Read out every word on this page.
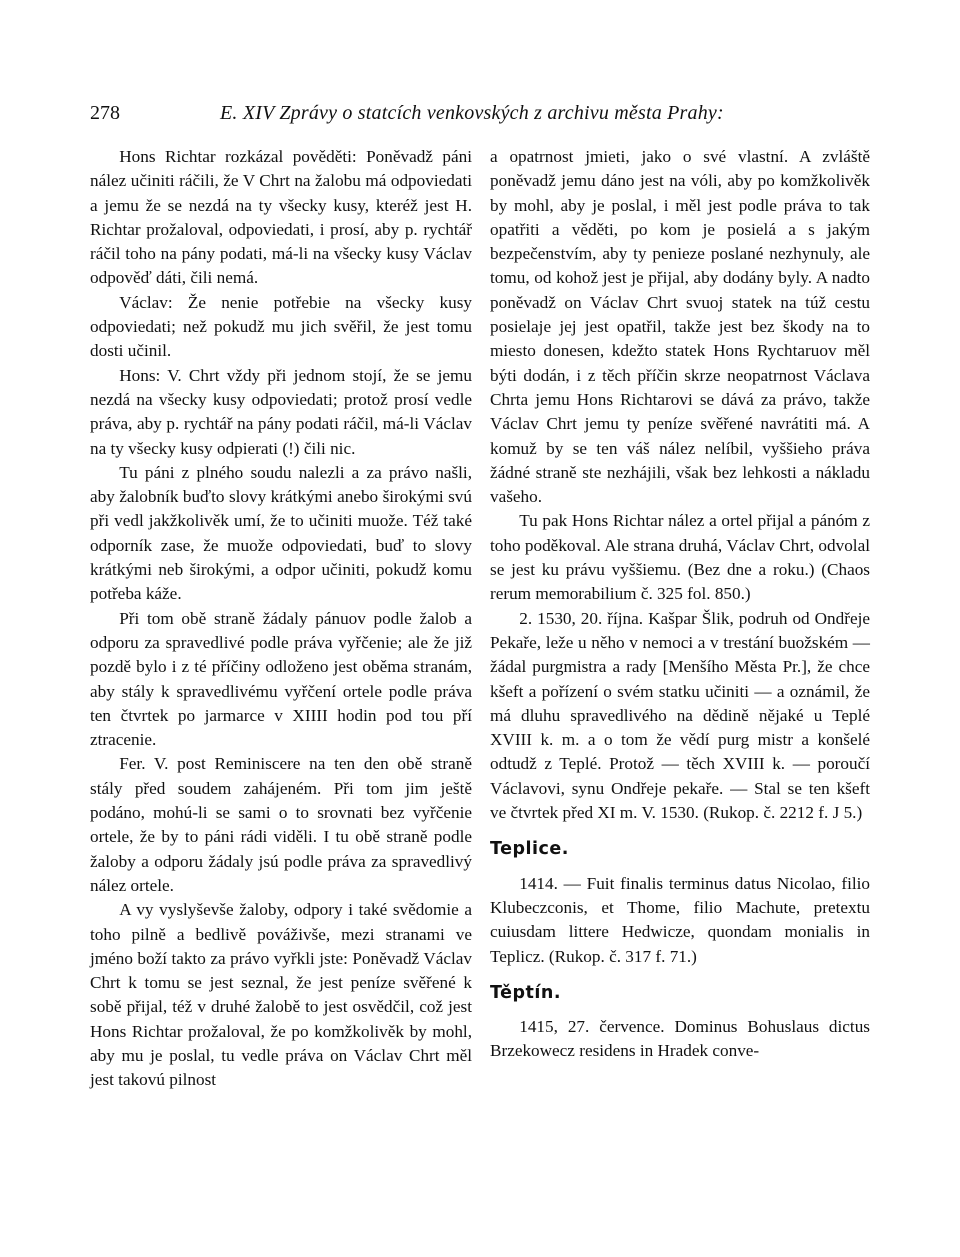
278	E. XIV Zprávy o statcích venkovských z archivu města Prahy:

Hons Richtar rozkázal pověděti: Poněvadž páni nález učiniti ráčili, že V Chrt na žalobu má odpoviedati a jemu že se nezdá na ty všecky kusy, kteréž jest H. Richtar prožaloval, odpoviedati, i prosí, aby p. rychtář ráčil toho na pány podati, má-li na všecky kusy Václav odpověď dáti, čili nemá.

Václav: Že nenie potřebie na všecky kusy odpoviedati; než pokudž mu jich svěřil, že jest tomu dosti učinil.

Hons: V. Chrt vždy při jednom stojí, že se jemu nezdá na všecky kusy odpoviedati; protož prosí vedle práva, aby p. rychtář na pány podati ráčil, má-li Václav na ty všecky kusy odpierati (!) čili nic.

Tu páni z plného soudu nalezli a za právo našli, aby žalobník buďto slovy krátkými anebo širokými svú při vedl jakžkolivěk umí, že to učiniti muože. Též také odporník zase, že muože odpoviedati, buď to slovy krátkými neb širokými, a odpor učiniti, pokudž komu potřeba káže.

Při tom obě straně žádaly pánuov podle žalob a odporu za spravedlivé podle práva vyřčenie; ale že již pozdě bylo i z té příčiny odloženo jest oběma stranám, aby stály k spravedlivému vyřčení ortele podle práva ten čtvrtek po jarmarce v XIIII hodin pod tou pří ztracenie.

Fer. V. post Reminiscere na ten den obě straně stály před soudem zahájeném. Při tom jim ještě podáno, mohú-li se sami o to srovnati bez vyřčenie ortele, že by to páni rádi viděli. I tu obě straně podle žaloby a odporu žádaly jsú podle práva za spravedlivý nález ortele.

A vy vyslyševše žaloby, odpory i také svědomie a toho pilně a bedlivě pováživše, mezi stranami ve jméno boží takto za právo vyřkli jste: Poněvadž Václav Chrt k tomu se jest seznal, že jest peníze svěřené k sobě přijal, též v druhé žalobě to jest osvědčil, což jest Hons Richtar prožaloval, že po komžkolivěk by mohl, aby mu je poslal, tu vedle práva on Václav Chrt měl jest takovú pilnost

a opatrnost jmieti, jako o své vlastní. A zvláště poněvadž jemu dáno jest na vóli, aby po komžkolivěk by mohl, aby je poslal, i měl jest podle práva to tak opatřiti a věděti, po kom je posielá a s jakým bezpečenstvím, aby ty penieze poslané nezhynuly, ale tomu, od kohož jest je přijal, aby dodány byly. A nadto poněvadž on Václav Chrt svuoj statek na túž cestu posielaje jej jest opatřil, takže jest bez škody na to miesto donesen, kdežto statek Hons Rychtaruov měl býti dodán, i z těch příčin skrze neopatrnost Václava Chrta jemu Hons Richtarovi se dává za právo, takže Václav Chrt jemu ty peníze svěřené navrátiti má. A komuž by se ten váš nález nelíbil, vyššieho práva žádné straně ste nezhájili, však bez lehkosti a nákladu vašeho.

Tu pak Hons Richtar nález a ortel přijal a pánóm z toho poděkoval. Ale strana druhá, Václav Chrt, odvolal se jest ku právu vyššiemu. (Bez dne a roku.) (Chaos rerum memorabilium č. 325 fol. 850.)

2. 1530, 20. října. Kašpar Šlik, podruh od Ondřeje Pekaře, leže u něho v nemoci a v trestání buožském — žádal purgmistra a rady [Menšího Města Pr.], že chce kšeft a pořízení o svém statku učiniti — a oznámil, že má dluhu spravedlivého na dědině nějaké u Teplé XVIII k. m. a o tom že vědí purg mistr a konšelé odtudž z Teplé. Protož — těch XVIII k. — poroučí Václavovi, synu Ondřeje pekaře. — Stal se ten kšeft ve čtvrtek před XI m. V. 1530. (Rukop. č. 2212 f. J 5.)

Teplice.

1414. — Fuit finalis terminus datus Nicolao, filio Klubeczconis, et Thome, filio Machute, pretextu cuiusdam littere Hedwicze, quondam monialis in Teplicz. (Rukop. č. 317 f. 71.)

Těptín.

1415, 27. července. Dominus Bohuslaus dictus Brzekowecz residens in Hradek conve-
